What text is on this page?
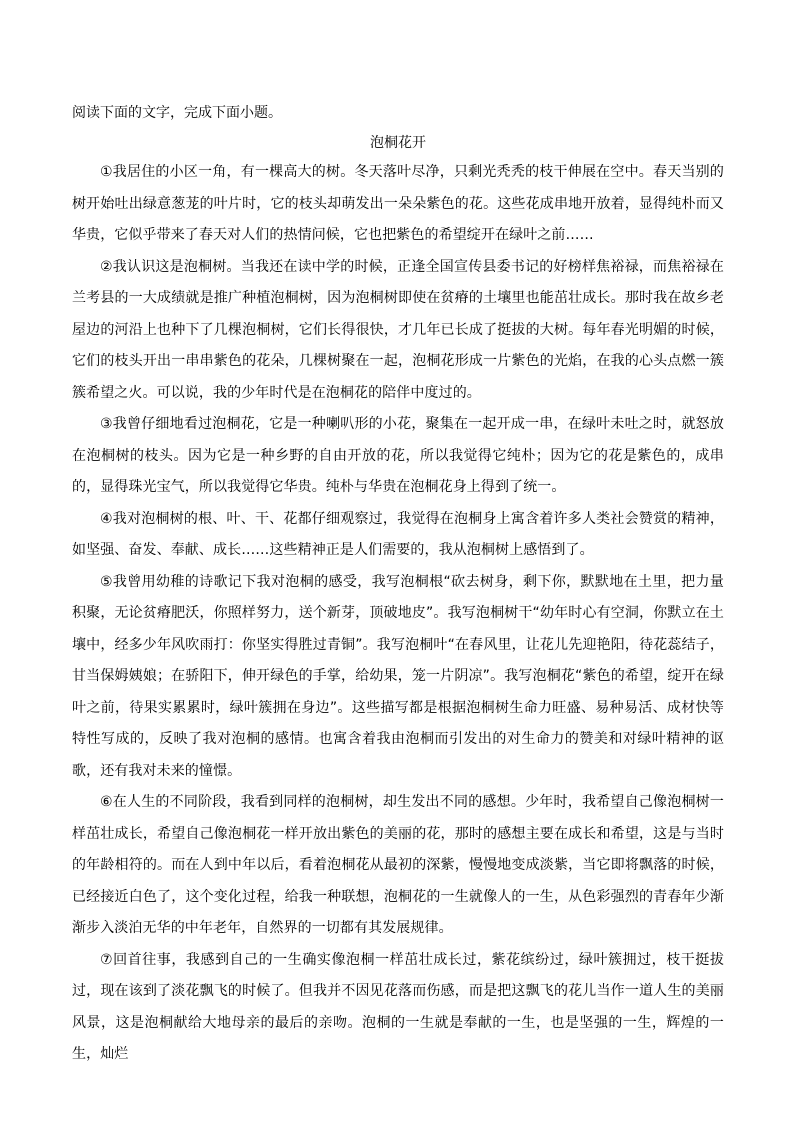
阅读下面的文字，完成下面小题。

泡桐花开

①我居住的小区一角，有一棵高大的树。冬天落叶尽净，只剩光秃秃的枝干伸展在空中。春天当别的树开始吐出绿意葱茏的叶片时，它的枝头却萌发出一朵朵紫色的花。这些花成串地开放着，显得纯朴而又华贵，它似乎带来了春天对人们的热情问候，它也把紫色的希望绽开在绿叶之前……

②我认识这是泡桐树。当我还在读中学的时候，正逢全国宣传县委书记的好榜样焦裕禄，而焦裕禄在兰考县的一大成绩就是推广种植泡桐树，因为泡桐树即使在贫瘠的土壤里也能茁壮成长。那时我在故乡老屋边的河沿上也种下了几棵泡桐树，它们长得很快，才几年已长成了挺拔的大树。每年春光明媚的时候，它们的枝头开出一串串紫色的花朵，几棵树聚在一起，泡桐花形成一片紫色的光焰，在我的心头点燃一簇簇希望之火。可以说，我的少年时代是在泡桐花的陪伴中度过的。

③我曾仔细地看过泡桐花，它是一种喇叭形的小花，聚集在一起开成一串，在绿叶未吐之时，就怒放在泡桐树的枝头。因为它是一种乡野的自由开放的花，所以我觉得它纯朴；因为它的花是紫色的，成串的，显得珠光宝气，所以我觉得它华贵。纯朴与华贵在泡桐花身上得到了统一。

④我对泡桐树的根、叶、干、花都仔细观察过，我觉得在泡桐身上寓含着许多人类社会赞赏的精神，如坚强、奋发、奉献、成长……这些精神正是人们需要的，我从泡桐树上感悟到了。

⑤我曾用幼稚的诗歌记下我对泡桐的感受，我写泡桐根“砍去树身，剩下你，默默地在土里，把力量积聚，无论贫瘠肥沃，你照样努力，送个新芽，顶破地皮”。我写泡桐树干“幼年时心有空洞，你默立在土壤中，经多少年风吹雨打：你坚实得胜过青铜”。我写泡桐叶“在春风里，让花儿先迎艳阳，待花蕊结子，甘当保姆姨娘；在骄阳下，伸开绿色的手掌，给幼果，笼一片阴凉”。我写泡桐花“紫色的希望，绽开在绿叶之前，待果实累累时，绿叶簇拥在身边”。这些描写都是根据泡桐树生命力旺盛、易种易活、成材快等特性写成的，反映了我对泡桐的感情。也寓含着我由泡桐而引发出的对生命力的赞美和对绿叶精神的讴歌，还有我对未来的憧憬。

⑥在人生的不同阶段，我看到同样的泡桐树，却生发出不同的感想。少年时，我希望自己像泡桐树一样茁壮成长，希望自己像泡桐花一样开放出紫色的美丽的花，那时的感想主要在成长和希望，这是与当时的年龄相符的。而在人到中年以后，看着泡桐花从最初的深紫，慢慢地变成淡紫，当它即将飘落的时候，已经接近白色了，这个变化过程，给我一种联想，泡桐花的一生就像人的一生，从色彩强烈的青春年少渐渐步入淡泊无华的中年老年，自然界的一切都有其发展规律。

⑦回首往事，我感到自己的一生确实像泡桐一样茁壮成长过，紫花缤纷过，绿叶簇拥过，枝干挺拔过，现在该到了淡花飘飞的时候了。但我并不因见花落而伤感，而是把这飘飞的花儿当作一道人生的美丽风景，这是泡桐献给大地母亲的最后的亲吻。泡桐的一生就是奉献的一生，也是坚强的一生，辉煌的一生，灿烂
